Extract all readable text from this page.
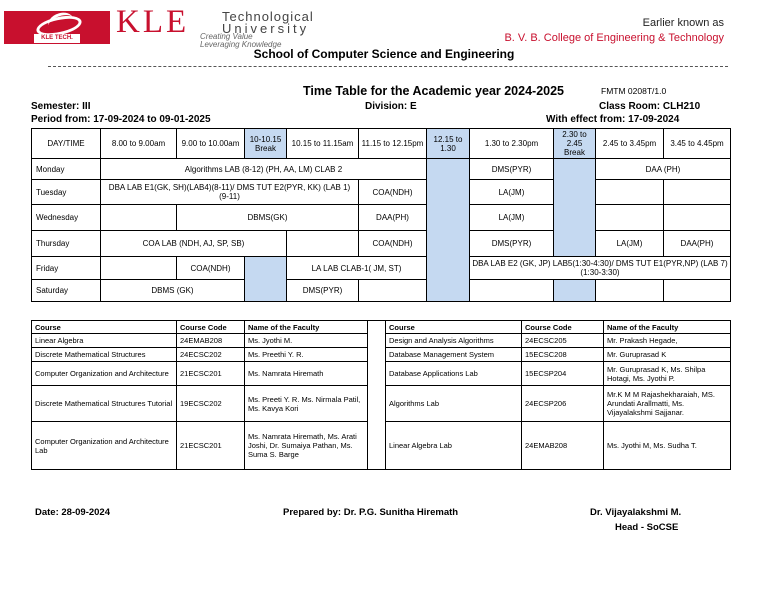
KLE TECH. KLE	Technological
University
Creating Value
Leveraging Knowledge
Earlier known as
B. V. B. College of Engineering & Technology
School of Computer Science and Engineering
Time Table for the Academic year 2024-2025	FMTM 0208T/1.0
Semester: III	Division: E	Class Room: CLH210
Period from: 17-09-2024 to 09-01-2025	With effect from: 17-09-2024
DAY/TIME	8.00 to 9.00am	9.00 to 10.00am	10-10.15 Break	10.15 to 11.15am	11.15 to 12.15pm	12.15 to 1.30	1.30 to 2.30pm	2.30 to 2.45 Break	2.45 to 3.45pm	3.45 to 4.45pm
Monday	Algorithms LAB (8-12) (PH, AA, LM) CLAB 2						DMS(PYR)		DAA (PH)	
Tuesday	DBA LAB E1(GK, SH)(LAB4)(8-11)/ DMS TUT E2(PYR, KK) (LAB 1) (9-11)				COA(NDH)		LA(JM)			
Wednesday		DBMS(GK)			DAA(PH)		LA(JM)			
Thursday	COA LAB (NDH, AJ, SP, SB)				COA(NDH)		DMS(PYR)		LA(JM)	DAA(PH)
Friday		COA(NDH)		LA LAB CLAB-1( JM, ST)			DBA LAB E2 (GK, JP) LAB5(1:30-4:30)/ DMS TUT E1(PYR,NP) (LAB 7) (1:30-3:30)			
Saturday	DBMS (GK)			DMS(PYR)						
Course	Course Code	Name of the Faculty		Course	Course Code	Name of the Faculty
Linear Algebra	24EMAB208	Ms. Jyothi M.		Design and Analysis Algorithms	24ECSC205	Mr. Prakash Hegade,
Discrete Mathematical Structures	24ECSC202	Ms. Preethi Y. R.		Database Management System	15ECSC208	Mr. Guruprasad K
Computer Organization and Architecture	21ECSC201	Ms. Namrata Hiremath		Database Applications Lab	15ECSP204	Mr. Guruprasad K, Ms. Shilpa Hotagi, Ms. Jyothi P.
Discrete Mathematical Structures Tutorial	19ECSC202	Ms. Preeti Y. R. Ms. Nirmala Patil, Ms. Kavya Kori		Algorithms Lab	24ECSP206	Mr.K M M Rajashekharaiah, MS. Arundati Arallmatti, Ms. Vijayalakshmi Sajjanar.
Computer Organization and Architecture Lab	21ECSC201	Ms. Namrata Hiremath, Ms. Arati Joshi, Dr. Sumaiya Pathan, Ms. Suma S. Barge		Linear Algebra Lab	24EMAB208	Ms. Jyothi M, Ms. Sudha T.
Date: 28-09-2024	Prepared by: Dr. P.G. Sunitha Hiremath	Dr. Vijayalakshmi M.
Head - SoCSE
